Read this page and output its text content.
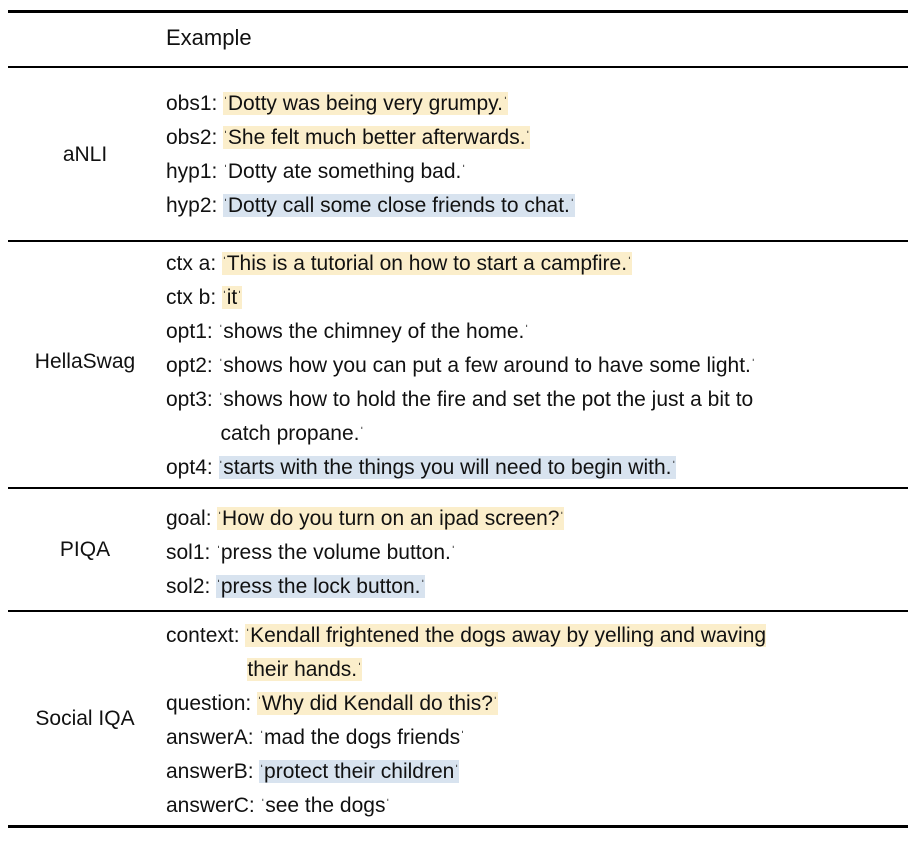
Example
aNLI
obs1: ˈDotty was being very grumpy.ˈ
obs2: ˈShe felt much better afterwards.ˈ
hyp1: ˈDotty ate something bad.ˈ
hyp2: ˈDotty call some close friends to chat.ˈ
HellaSwag
ctx a: ˈThis is a tutorial on how to start a campfire.ˈ
ctx b: ˈitˈ
opt1: ˈshows the chimney of the home.ˈ
opt2: ˈshows how you can put a few around to have some light.ˈ
opt3: ˈshows how to hold the fire and set the pot the just a bit to
catch propane.ˈ
opt4: ˈstarts with the things you will need to begin with.ˈ
PIQA
goal: ˈHow do you turn on an ipad screen?ˈ
sol1: ˈpress the volume button.ˈ
sol2: ˈpress the lock button.ˈ
Social IQA
context: ˈKendall frightened the dogs away by yelling and waving
their hands.ˈ
question: ˈWhy did Kendall do this?ˈ
answerA: ˈmad the dogs friendsˈ
answerB: ˈprotect their childrenˈ
answerC: ˈsee the dogsˈ
